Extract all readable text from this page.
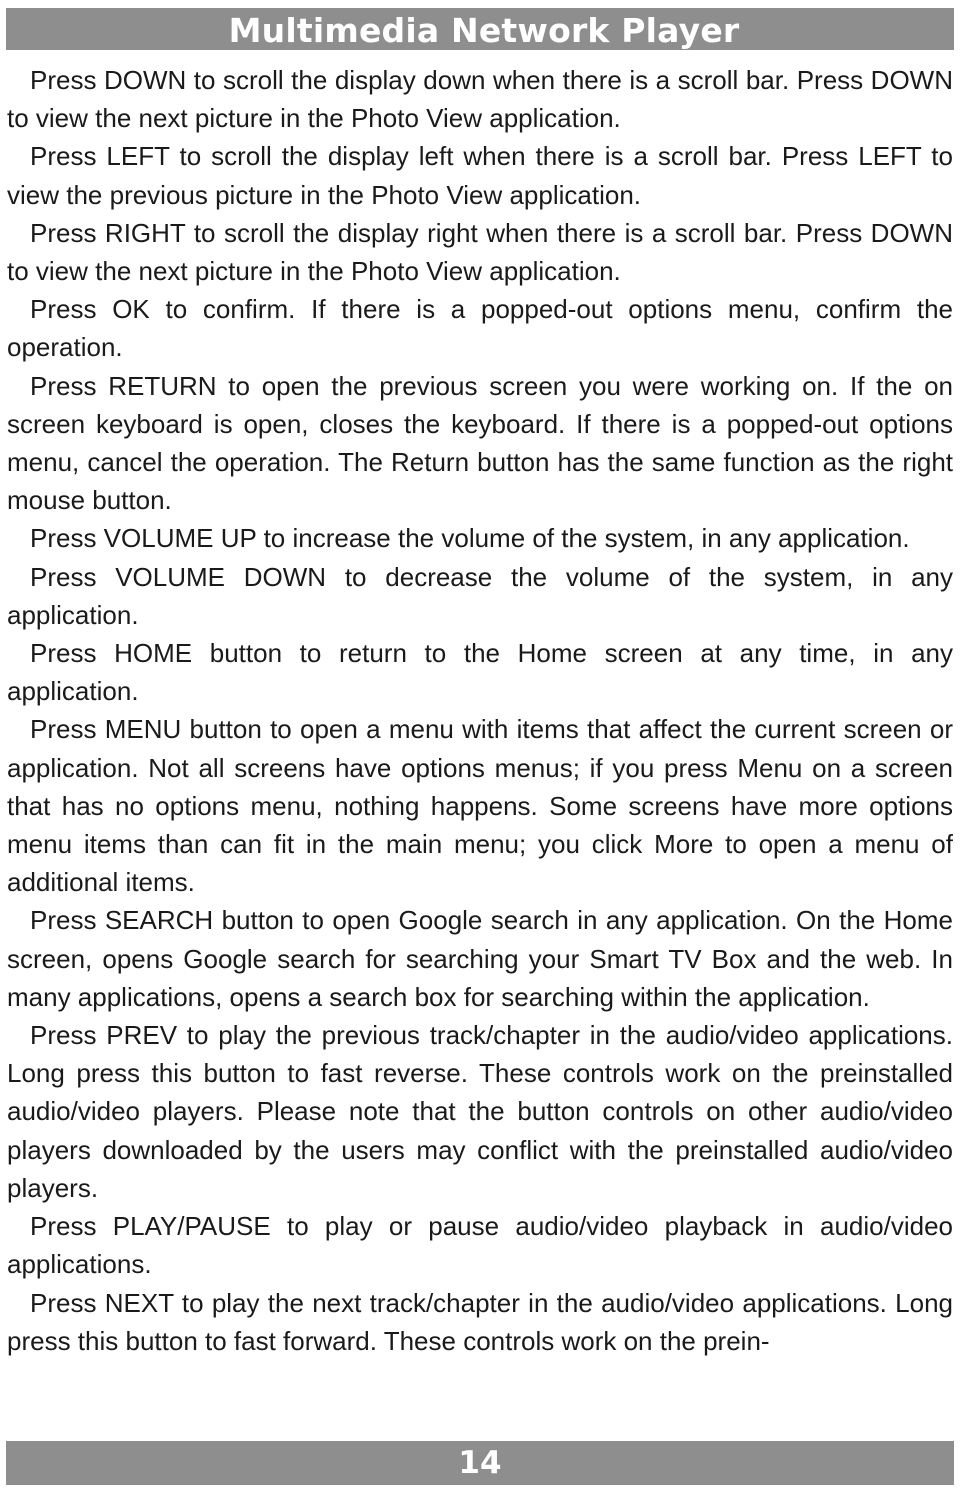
Multimedia Network Player

Press DOWN to scroll the display down when there is a scroll bar. Press DOWN to view the next picture in the Photo View application.

Press LEFT to scroll the display left when there is a scroll bar. Press LEFT to view the previous picture in the Photo View application.

Press RIGHT to scroll the display right when there is a scroll bar. Press DOWN to view the next picture in the Photo View application.

Press OK to confirm. If there is a popped-out options menu, confirm the operation.

Press RETURN to open the previous screen you were working on. If the on screen keyboard is open, closes the keyboard. If there is a popped-out options menu, cancel the operation. The Return button has the same function as the right mouse button.

Press VOLUME UP to increase the volume of the system, in any application.

Press VOLUME DOWN to decrease the volume of the system, in any application.

Press HOME button to return to the Home screen at any time, in any application.

Press MENU button to open a menu with items that affect the current screen or application. Not all screens have options menus; if you press Menu on a screen that has no options menu, nothing happens. Some screens have more options menu items than can fit in the main menu; you click More to open a menu of additional items.

Press SEARCH button to open Google search in any application. On the Home screen, opens Google search for searching your Smart TV Box and the web. In many applications, opens a search box for searching within the application.

Press PREV to play the previous track/chapter in the audio/video applications. Long press this button to fast reverse. These controls work on the preinstalled audio/video players. Please note that the button controls on other audio/video players downloaded by the users may conflict with the preinstalled audio/video players.

Press PLAY/PAUSE to play or pause audio/video playback in audio/video applications.

Press NEXT to play the next track/chapter in the audio/video applications. Long press this button to fast forward. These controls work on the prein-

14
